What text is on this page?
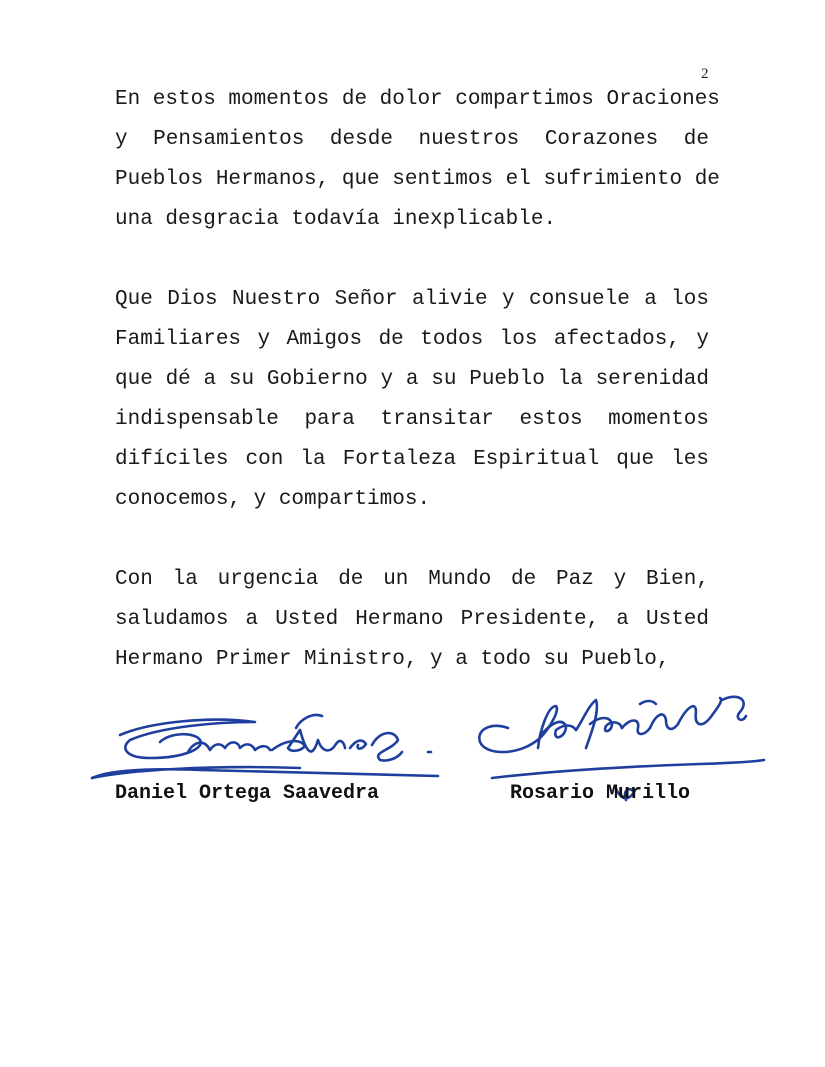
2
En estos momentos de dolor compartimos Oraciones
y Pensamientos desde nuestros Corazones de
Pueblos Hermanos, que sentimos el sufrimiento de
una desgracia todavía inexplicable.
Que Dios Nuestro Señor alivie y consuele a los
Familiares y Amigos de todos los afectados, y
que dé a su Gobierno y a su Pueblo la serenidad
indispensable para transitar estos momentos
difíciles con la Fortaleza Espiritual que les
conocemos, y compartimos.
Con la urgencia de un Mundo de Paz y Bien,
saludamos a Usted Hermano Presidente, a Usted
Hermano Primer Ministro, y a todo su Pueblo,
Daniel Ortega Saavedra	Rosario Murillo
